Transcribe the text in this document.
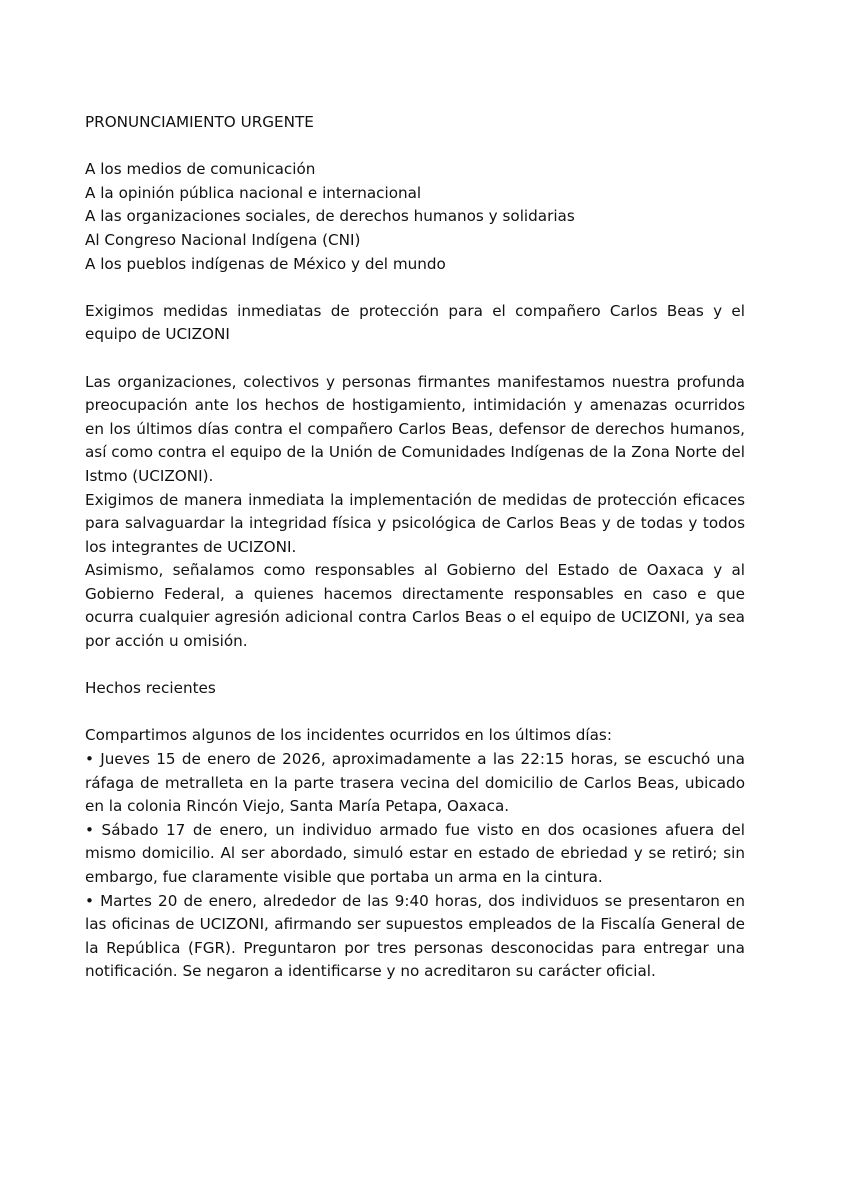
PRONUNCIAMIENTO URGENTE

A los medios de comunicación

A la opinión pública nacional e internacional

A las organizaciones sociales, de derechos humanos y solidarias

Al Congreso Nacional Indígena (CNI)

A los pueblos indígenas de México y del mundo

Exigimos medidas inmediatas de protección para el compañero Carlos Beas y el equipo de UCIZONI

Las organizaciones, colectivos y personas firmantes manifestamos nuestra profunda preocupación ante los hechos de hostigamiento, intimidación y amenazas ocurridos en los últimos días contra el compañero Carlos Beas, defensor de derechos humanos, así como contra el equipo de la Unión de Comunidades Indígenas de la Zona Norte del Istmo (UCIZONI).

Exigimos de manera inmediata la implementación de medidas de protección eficaces para salvaguardar la integridad física y psicológica de Carlos Beas y de todas y todos los integrantes de UCIZONI.

Asimismo, señalamos como responsables al Gobierno del Estado de Oaxaca y al Gobierno Federal, a quienes hacemos directamente responsables en caso e que ocurra cualquier agresión adicional contra Carlos Beas o el equipo de UCIZONI, ya sea por acción u omisión.

Hechos recientes

Compartimos algunos de los incidentes ocurridos en los últimos días:

• Jueves 15 de enero de 2026, aproximadamente a las 22:15 horas, se escuchó una ráfaga de metralleta en la parte trasera vecina del domicilio de Carlos Beas, ubicado en la colonia Rincón Viejo, Santa María Petapa, Oaxaca.

• Sábado 17 de enero, un individuo armado fue visto en dos ocasiones afuera del mismo domicilio. Al ser abordado, simuló estar en estado de ebriedad y se retiró; sin embargo, fue claramente visible que portaba un arma en la cintura.

• Martes 20 de enero, alrededor de las 9:40 horas, dos individuos se presentaron en las oficinas de UCIZONI, afirmando ser supuestos empleados de la Fiscalía General de la República (FGR). Preguntaron por tres personas desconocidas para entregar una notificación. Se negaron a identificarse y no acreditaron su carácter oficial.
